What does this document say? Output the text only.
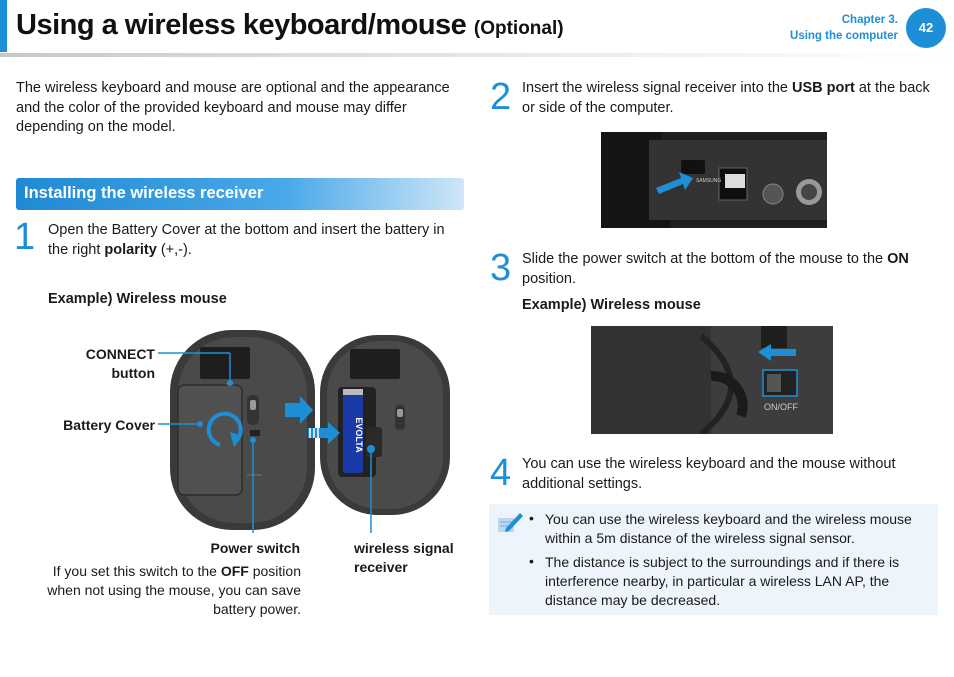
Using a wireless keyboard/mouse (Optional)	Chapter 3.
Using the computer
42
The wireless keyboard and mouse are optional and the appearance and the color of the provided keyboard and mouse may differ depending on the model.
Installing the wireless receiver
1 Open the Battery Cover at the bottom and insert the battery in the right polarity (+,-).
Example) Wireless mouse
EVOLTA
CONNECT button
Battery Cover
Power switch
If you set this switch to the OFF position when not using the mouse, you can save battery power.
wireless signal receiver
2 Insert the wireless signal receiver into the USB port at the back or side of the computer.
SAMSUNG
3 Slide the power switch at the bottom of the mouse to the ON position.
Example) Wireless mouse
ON/OFF
4 You can use the wireless keyboard and the mouse without additional settings.
• You can use the wireless keyboard and the wireless mouse within a 5m distance of the wireless signal sensor.
• The distance is subject to the surroundings and if there is interference nearby, in particular a wireless LAN AP, the distance may be decreased.
